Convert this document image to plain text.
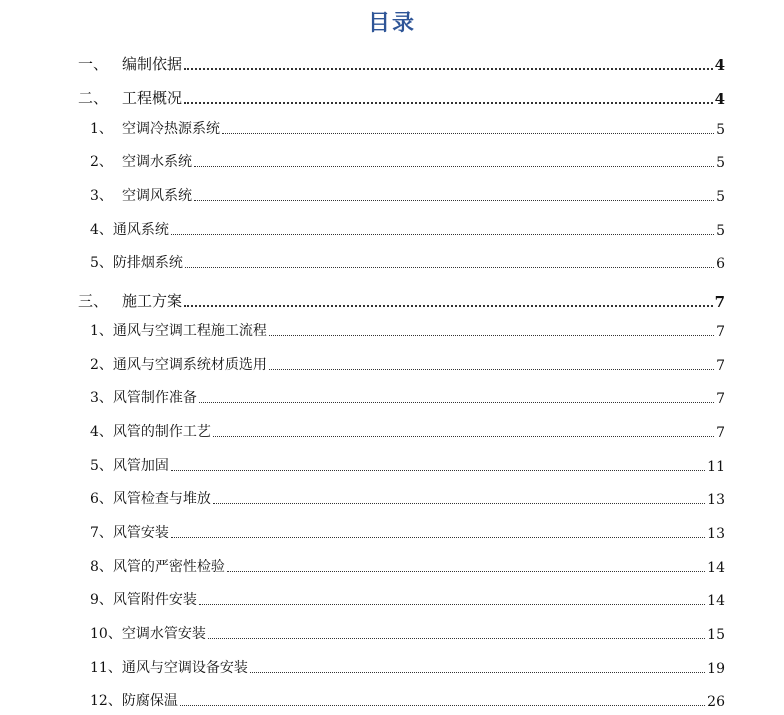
目录
一、 编制依据	4
二、 工程概况	4
1、 空调冷热源系统	5
2、 空调水系统	5
3、 空调风系统	5
4、 通风系统	5
5、 防排烟系统	6
三、 施工方案	7
1、 通风与空调工程施工流程	7
2、 通风与空调系统材质选用	7
3、 风管制作准备	7
4、 风管的制作工艺	7
5、 风管加固	11
6、 风管检查与堆放	13
7、 风管安装	13
8、 风管的严密性检验	14
9、 风管附件安装	14
10、 空调水管安装	15
11、 通风与空调设备安装	19
12、 防腐保温	26
